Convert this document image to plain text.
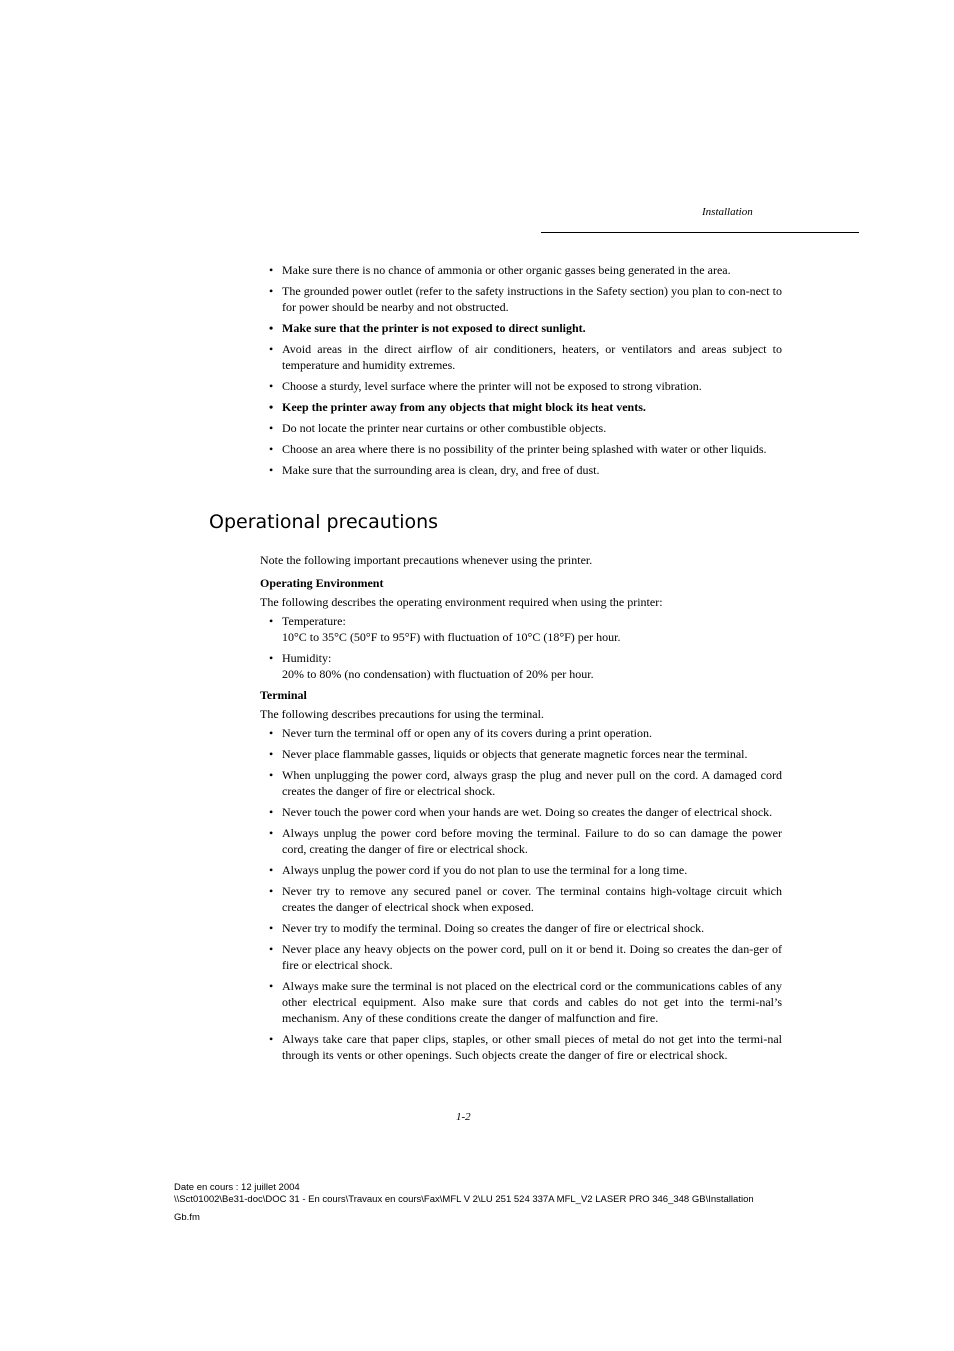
Installation
• Make sure there is no chance of ammonia or other organic gasses being generated in the area.
• The grounded power outlet (refer to the safety instructions in the Safety section) you plan to con-nect to for power should be nearby and not obstructed.
• Make sure that the printer is not exposed to direct sunlight.
• Avoid areas in the direct airflow of air conditioners, heaters, or ventilators and areas subject to temperature and humidity extremes.
• Choose a sturdy, level surface where the printer will not be exposed to strong vibration.
• Keep the printer away from any objects that might block its heat vents.
• Do not locate the printer near curtains or other combustible objects.
• Choose an area where there is no possibility of the printer being splashed with water or other liquids.
• Make sure that the surrounding area is clean, dry, and free of dust.
Operational precautions

Note the following important precautions whenever using the printer.

Operating Environment

The following describes the operating environment required when using the printer:

• Temperature:
10°C to 35°C (50°F to 95°F) with fluctuation of 10°C (18°F) per hour.
• Humidity:
20% to 80% (no condensation) with fluctuation of 20% per hour.

Terminal

The following describes precautions for using the terminal.

• Never turn the terminal off or open any of its covers during a print operation.
• Never place flammable gasses, liquids or objects that generate magnetic forces near the terminal.
• When unplugging the power cord, always grasp the plug and never pull on the cord. A damaged cord creates the danger of fire or electrical shock.
• Never touch the power cord when your hands are wet. Doing so creates the danger of electrical shock.
• Always unplug the power cord before moving the terminal. Failure to do so can damage the power cord, creating the danger of fire or electrical shock.
• Always unplug the power cord if you do not plan to use the terminal for a long time.
• Never try to remove any secured panel or cover. The terminal contains high-voltage circuit which creates the danger of electrical shock when exposed.
• Never try to modify the terminal. Doing so creates the danger of fire or electrical shock.
• Never place any heavy objects on the power cord, pull on it or bend it. Doing so creates the dan-ger of fire or electrical shock.
• Always make sure the terminal is not placed on the electrical cord or the communications cables of any other electrical equipment. Also make sure that cords and cables do not get into the termi-nal’s mechanism. Any of these conditions create the danger of malfunction and fire.
• Always take care that paper clips, staples, or other small pieces of metal do not get into the termi-nal through its vents or other openings. Such objects create the danger of fire or electrical shock.
1-2
Date en cours : 12 juillet 2004
\\Sct01002\Be31-doc\DOC 31 - En cours\Travaux en cours\Fax\MFL V 2\LU 251 524 337A MFL_V2 LASER PRO 346_348 GB\Installation
Gb.fm
